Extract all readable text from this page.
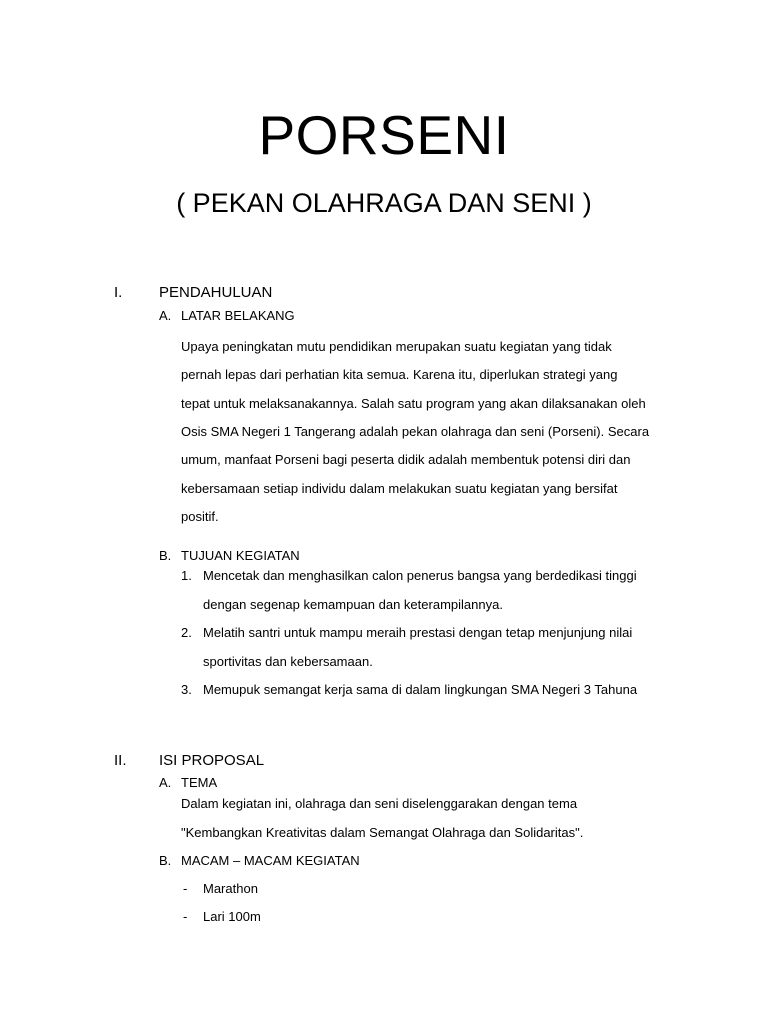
PORSENI
( PEKAN OLAHRAGA DAN SENI )
I. PENDAHULUAN
A. LATAR BELAKANG
Upaya peningkatan mutu pendidikan merupakan suatu kegiatan yang tidak
pernah lepas dari perhatian kita semua. Karena itu, diperlukan strategi yang
tepat untuk melaksanakannya. Salah satu program yang akan dilaksanakan oleh
Osis SMA Negeri 1 Tangerang adalah pekan olahraga dan seni (Porseni). Secara
umum, manfaat Porseni bagi peserta didik adalah membentuk potensi diri dan
kebersamaan setiap individu dalam melakukan suatu kegiatan yang bersifat
positif.
B. TUJUAN KEGIATAN
1. Mencetak dan menghasilkan calon penerus bangsa yang berdedikasi tinggi
dengan segenap kemampuan dan keterampilannya.
2. Melatih santri untuk mampu meraih prestasi dengan tetap menjunjung nilai
sportivitas dan kebersamaan.
3. Memupuk semangat kerja sama di dalam lingkungan SMA Negeri 3 Tahuna
II. ISI PROPOSAL
A. TEMA
Dalam kegiatan ini, olahraga dan seni diselenggarakan dengan tema
"Kembangkan Kreativitas dalam Semangat Olahraga dan Solidaritas".
B. MACAM – MACAM KEGIATAN
- Marathon
- Lari 100m
